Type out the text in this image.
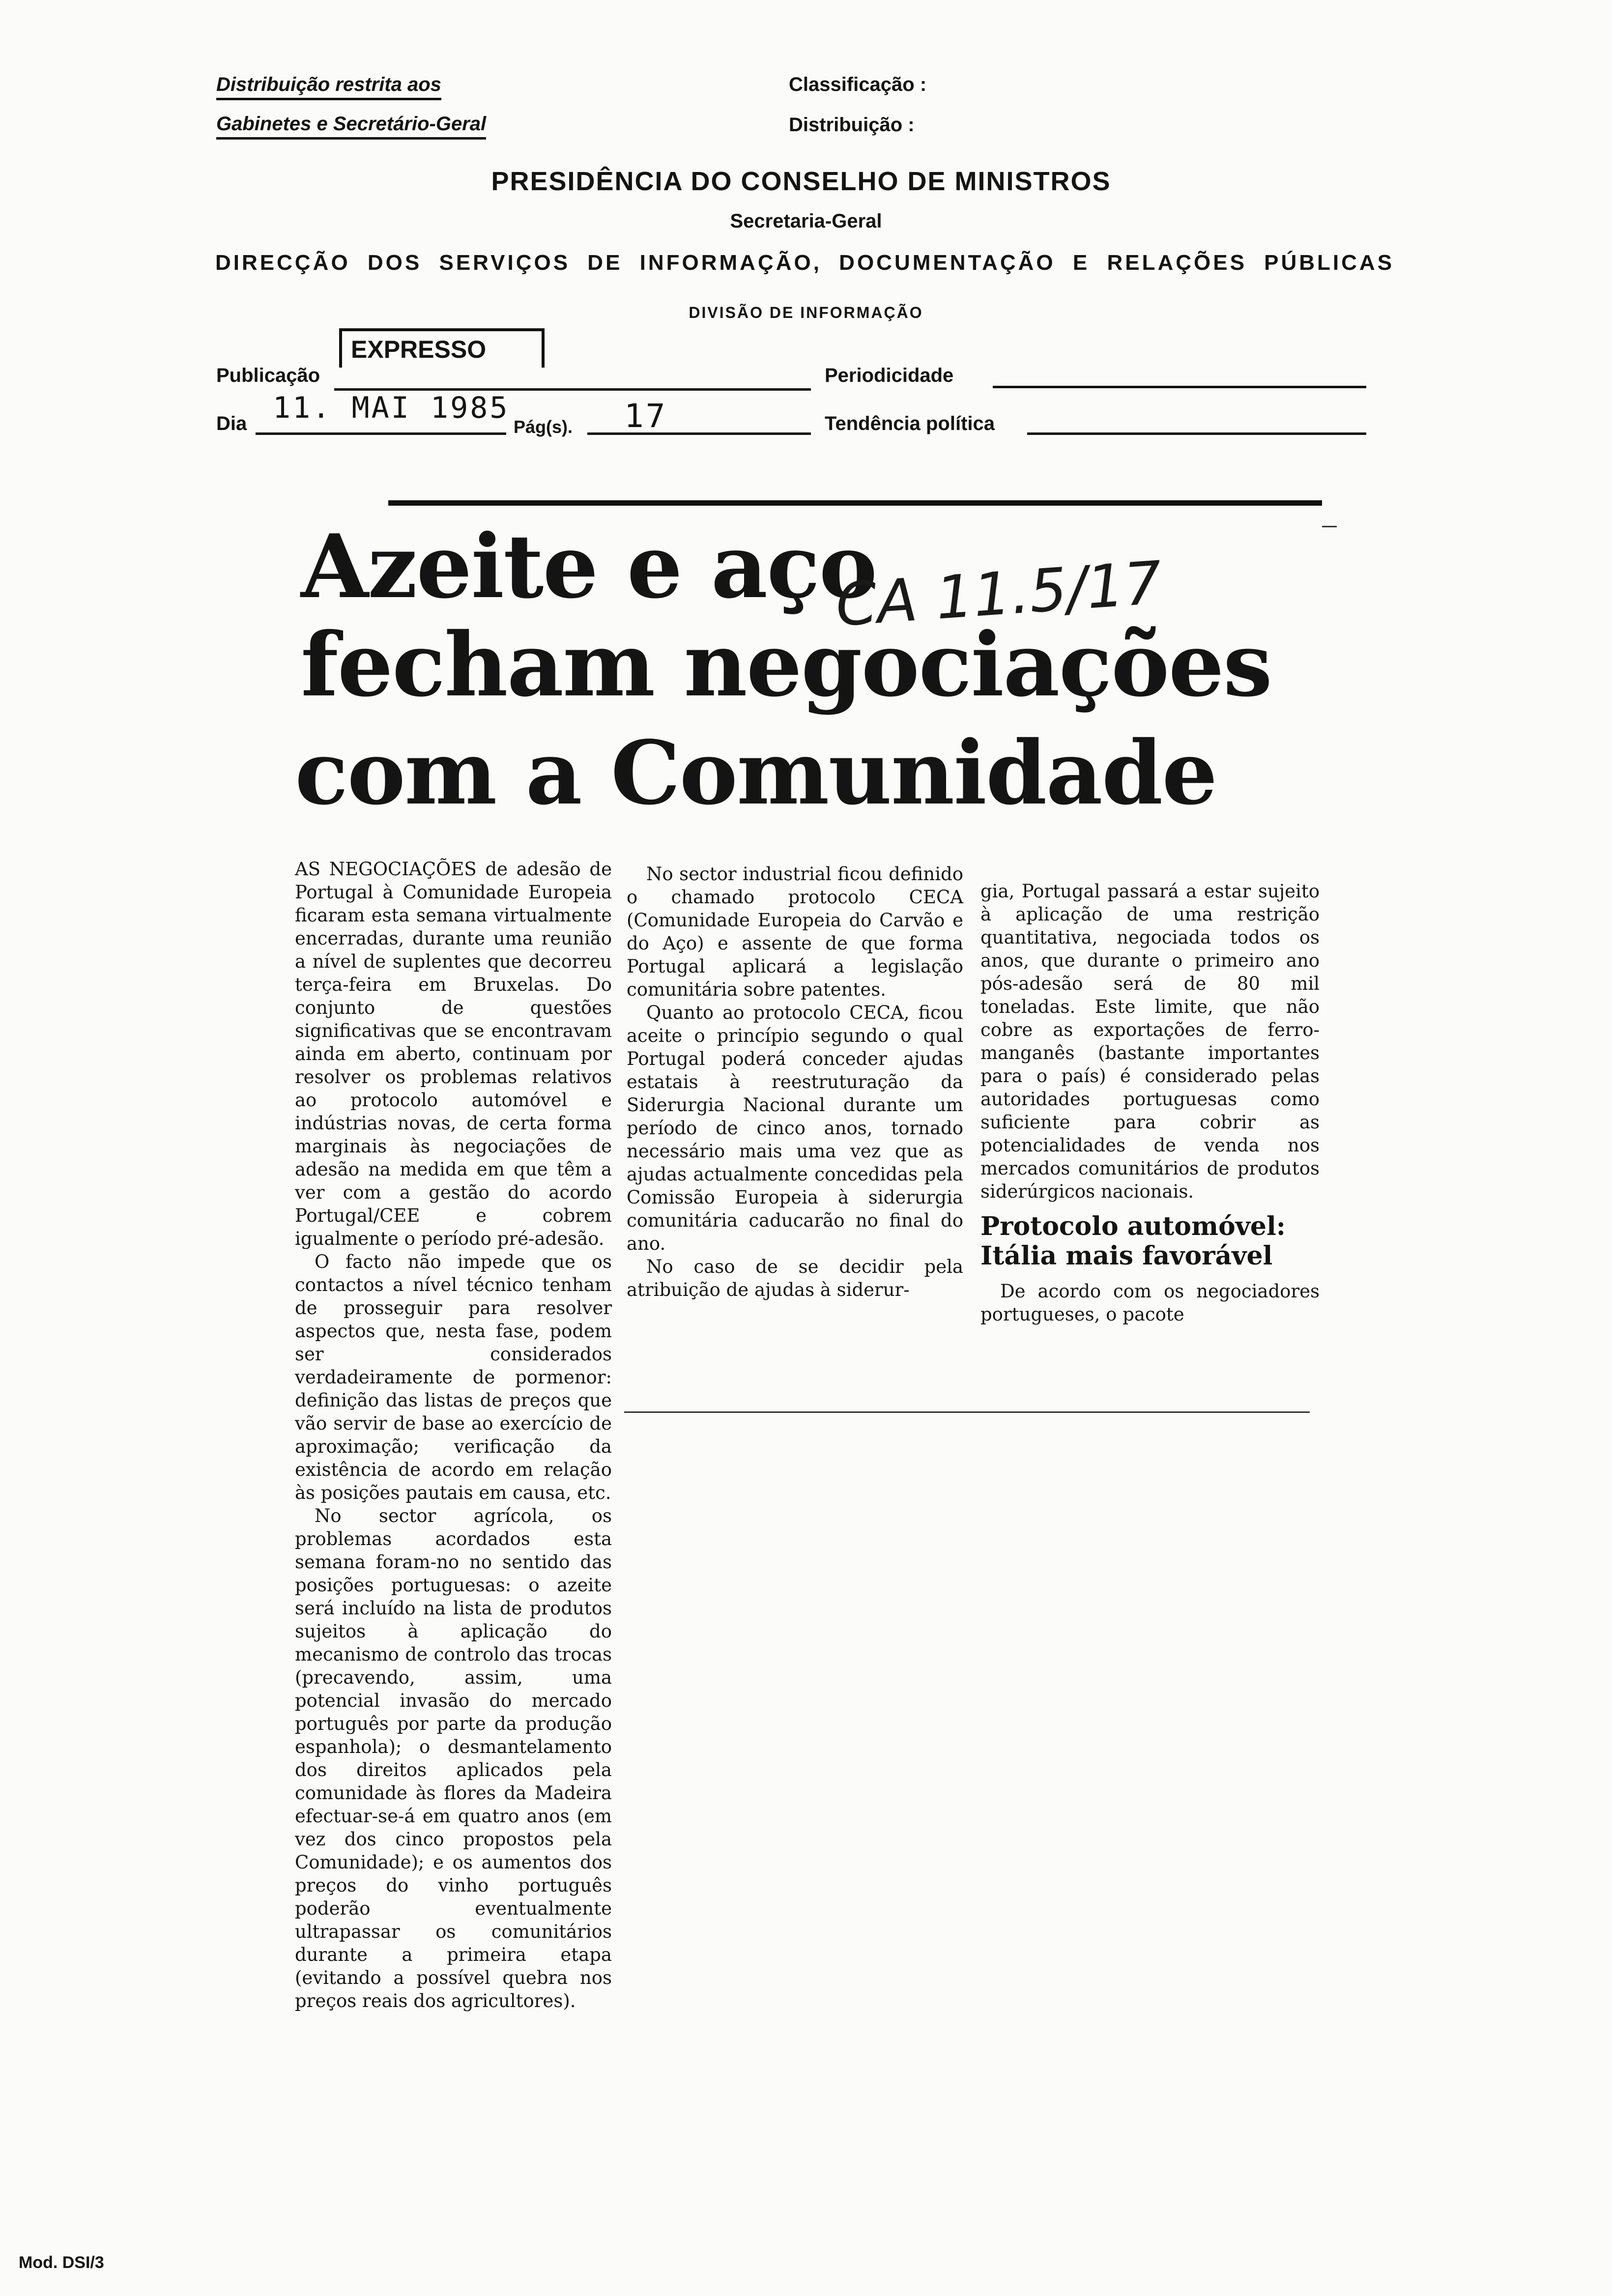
Distribuição restrita aos
Gabinetes e Secretário-Geral
Classificação :
Distribuição :
PRESIDÊNCIA DO CONSELHO DE MINISTROS
Secretaria-Geral
DIRECÇÃO DOS SERVIÇOS DE INFORMAÇÃO, DOCUMENTAÇÃO E RELAÇÕES PÚBLICAS
DIVISÃO DE INFORMAÇÃO
Publicação
EXPRESSO
Periodicidade
Dia 11. MAI 1985
Pág(s). 17	Tendência política
Azeite e aço
fecham negociações
com a Comunidade
CA 11.5/17

AS NEGOCIAÇÕES de adesão de Portugal à Comunidade Europeia ficaram esta semana virtualmente encerradas, durante uma reunião a nível de suplentes que decorreu terça-feira em Bruxelas. Do conjunto de questões significativas que se encontravam ainda em aberto, continuam por resolver os problemas relativos ao protocolo automóvel e indústrias novas, de certa forma marginais às negociações de adesão na medida em que têm a ver com a gestão do acordo Portugal/CEE e cobrem igualmente o período pré-adesão.

O facto não impede que os contactos a nível técnico tenham de prosseguir para resolver aspectos que, nesta fase, podem ser considerados verdadeiramente de pormenor: definição das listas de preços que vão servir de base ao exercício de aproximação; verificação da existência de acordo em relação às posições pautais em causa, etc.

No sector agrícola, os problemas acordados esta semana foram-no no sentido das posições portuguesas: o azeite será incluído na lista de produtos sujeitos à aplicação do mecanismo de controlo das trocas (precavendo, assim, uma potencial invasão do mercado português por parte da produção espanhola); o desmantelamento dos direitos aplicados pela comunidade às flores da Madeira efectuar-se-á em quatro anos (em vez dos cinco propostos pela Comunidade); e os aumentos dos preços do vinho português poderão eventualmente ultrapassar os comunitários durante a primeira etapa (evitando a possível quebra nos preços reais dos agricultores).

No sector industrial ficou definido o chamado protocolo CECA (Comunidade Europeia do Carvão e do Aço) e assente de que forma Portugal aplicará a legislação comunitária sobre patentes.

Quanto ao protocolo CECA, ficou aceite o princípio segundo o qual Portugal poderá conceder ajudas estatais à reestruturação da Siderurgia Nacional durante um período de cinco anos, tornado necessário mais uma vez que as ajudas actualmente concedidas pela Comissão Europeia à siderurgia comunitária caducarão no final do ano.

No caso de se decidir pela atribuição de ajudas à siderur-

gia, Portugal passará a estar sujeito à aplicação de uma restrição quantitativa, negociada todos os anos, que durante o primeiro ano pós-adesão será de 80 mil toneladas. Este limite, que não cobre as exportações de ferro-manganês (bastante importantes para o país) é considerado pelas autoridades portuguesas como suficiente para cobrir as potencialidades de venda nos mercados comunitários de produtos siderúrgicos nacionais.

Protocolo automóvel:
Itália mais favorável

De acordo com os negociadores portugueses, o pacote

Mod. DSI/3
